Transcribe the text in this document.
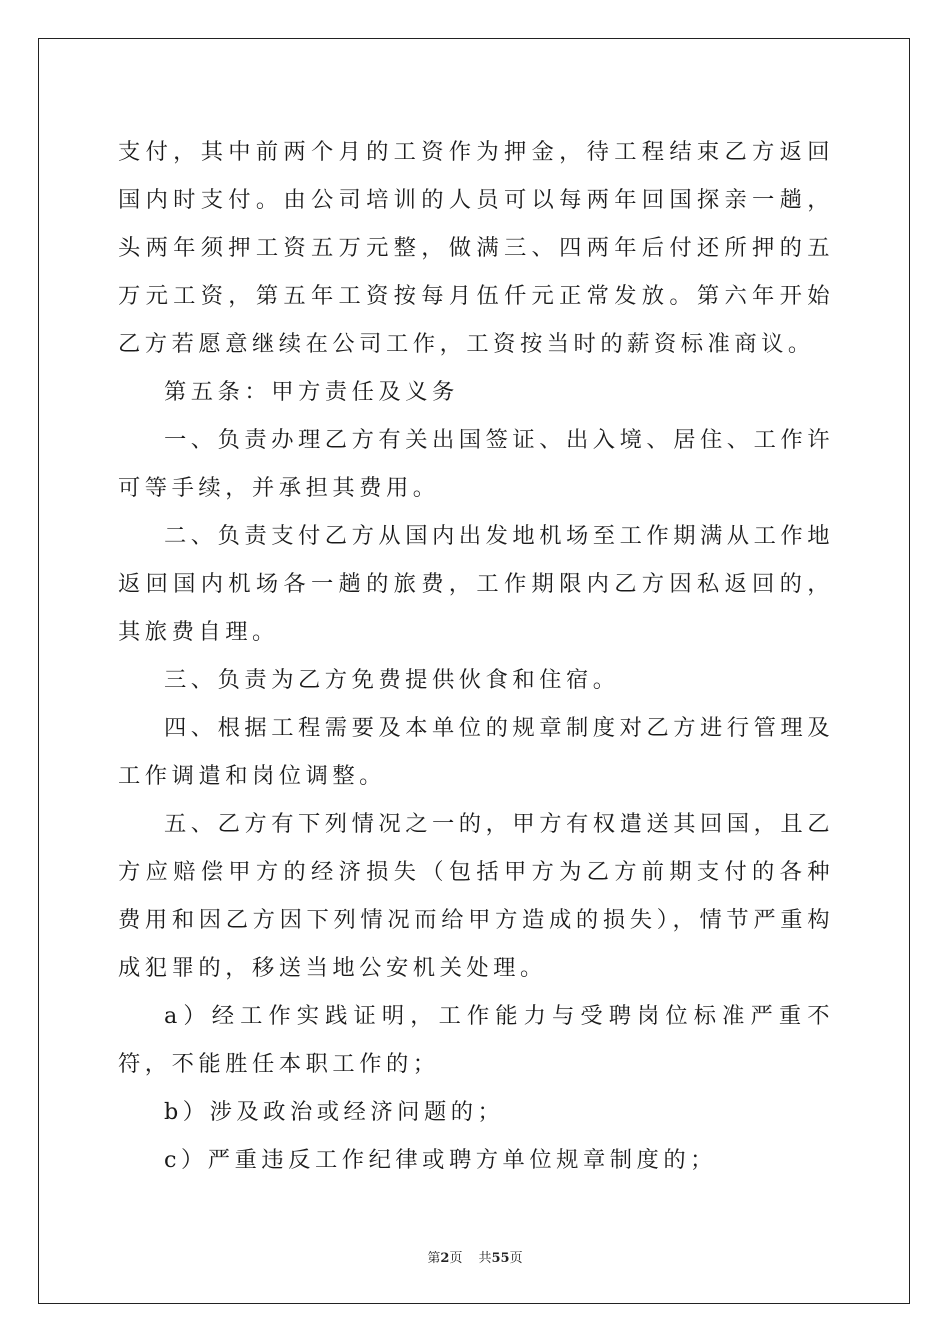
支付，其中前两个月的工资作为押金，待工程结束乙方返回国内时支付。由公司培训的人员可以每两年回国探亲一趟，头两年须押工资五万元整，做满三、四两年后付还所押的五万元工资，第五年工资按每月伍仟元正常发放。第六年开始乙方若愿意继续在公司工作，工资按当时的薪资标准商议。

第五条：甲方责任及义务

一、负责办理乙方有关出国签证、出入境、居住、工作许可等手续，并承担其费用。

二、负责支付乙方从国内出发地机场至工作期满从工作地返回国内机场各一趟的旅费，工作期限内乙方因私返回的，其旅费自理。

三、负责为乙方免费提供伙食和住宿。

四、根据工程需要及本单位的规章制度对乙方进行管理及工作调遣和岗位调整。

五、乙方有下列情况之一的，甲方有权遣送其回国，且乙方应赔偿甲方的经济损失（包括甲方为乙方前期支付的各种费用和因乙方因下列情况而给甲方造成的损失），情节严重构成犯罪的，移送当地公安机关处理。

a）经工作实践证明，工作能力与受聘岗位标准严重不符，不能胜任本职工作的；

b）涉及政治或经济问题的；

c）严重违反工作纪律或聘方单位规章制度的；

第2页 共55页
